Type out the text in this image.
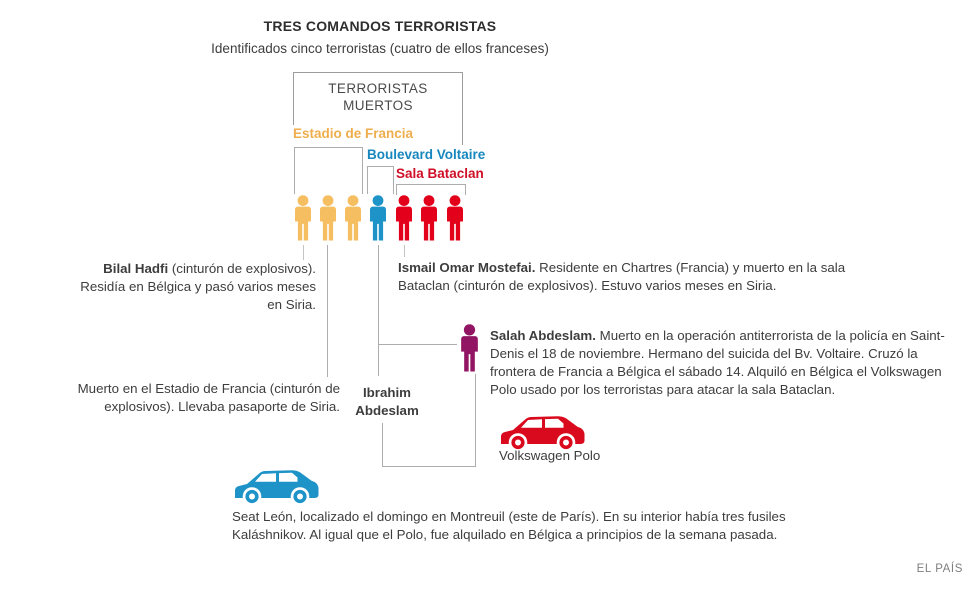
TRES COMANDOS TERRORISTAS
Identificados cinco terroristas (cuatro de ellos franceses)
TERRORISTAS MUERTOS
Estadio de Francia
Boulevard Voltaire
Sala Bataclan
Bilal Hadfi (cinturón de explosivos). Residía en Bélgica y pasó varios meses en Siria.
Ismail Omar Mostefai. Residente en Chartres (Francia) y muerto en la sala Bataclan (cinturón de explosivos). Estuvo varios meses en Siria.
Salah Abdeslam. Muerto en la operación antiterrorista de la policía en Saint-Denis el 18 de noviembre. Hermano del suicida del Bv. Voltaire. Cruzó la frontera de Francia a Bélgica el sábado 14. Alquiló en Bélgica el Volkswagen Polo usado por los terroristas para atacar la sala Bataclan.
Muerto en el Estadio de Francia (cinturón de explosivos). Llevaba pasaporte de Siria.
Ibrahim Abdeslam
Volkswagen Polo
Seat León, localizado el domingo en Montreuil (este de París). En su interior había tres fusiles Kaláshnikov. Al igual que el Polo, fue alquilado en Bélgica a principios de la semana pasada.
EL PAÍS
